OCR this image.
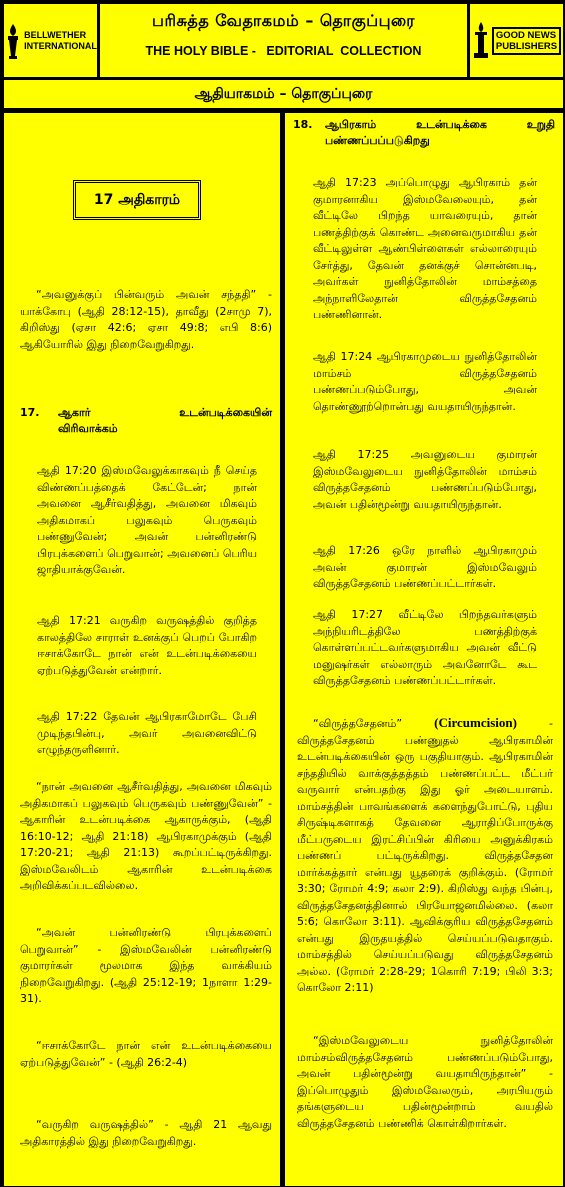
BELLWETHER
INTERNATIONAL
பரிசுத்த வேதாகமம் – தொகுப்புரை
THE HOLY BIBLE -   EDITORIAL  COLLECTION
GOOD NEWS
PUBLISHERS
ஆதியாகமம் – தொகுப்புரை
17 அதிகாரம்

“அவனுக்குப் பின்வரும் அவன் சந்ததி” - யாக்கோபு (ஆதி 28:12-15), தாவீது (2சாமு 7), கிறிஸ்து (ஏசா 42:6; ஏசா 49:8; எபி 8:6) ஆகியோரில் இது நிறைவேறுகிறது.

17.	ஆகார் உடன்படிக்கையின்
விரிவாக்கம்

ஆதி 17:20 இஸ்மவேலுக்காகவும் நீ செய்த விண்ணப்பத்தைக் கேட்டேன்; நான் அவனை ஆசீர்வதித்து, அவனை மிகவும் அதிகமாகப் பலுகவும் பெருகவும் பண்ணுவேன்; அவன் பன்னிரண்டு பிரபுக்களைப் பெறுவான்; அவனைப் பெரிய ஜாதியாக்குவேன்.

ஆதி 17:21 வருகிற வருஷத்தில் குறித்த காலத்திலே சாராள் உனக்குப் பெறப் போகிற ஈசாக்கோடே நான் என் உடன்படிக்கையை ஏற்படுத்துவேன் என்றார்.

ஆதி 17:22 தேவன் ஆபிரகாமோடே பேசி முடிந்தபின்பு, அவர் அவனைவிட்டு எழுந்தருளினார்.

“நான் அவனை ஆசீர்வதித்து, அவனை மிகவும் அதிகமாகப் பலுகவும் பெருகவும் பண்ணுவேன்” - ஆகாரின் உடன்படிக்கை ஆகாருக்கும், (ஆதி 16:10-12; ஆதி 21:18) ஆபிரகாமுக்கும் (ஆதி 17:20-21; ஆதி 21:13) கூறப்பட்டிருக்கிறது. இஸ்மவேலிடம் ஆகாரின் உடன்படிக்கை அறிவிக்கப்படவில்லை.

“அவன் பன்னிரண்டு பிரபுக்களைப் பெறுவான்” - இஸ்மவேலின் பன்னிரண்டு குமாரர்கள் மூலமாக இந்த வாக்கியம் நிறைவேறுகிறது. (ஆதி 25:12-19; 1நாளா 1:29-31).

“ஈசாக்கோடே நான் என் உடன்படிக்கையை ஏற்படுத்துவேன்” - (ஆதி 26:2-4)

“வருகிற வருஷத்தில்” - ஆதி 21 ஆவது அதிகாரத்தில் இது நிறைவேறுகிறது.

18.	ஆபிரகாம் உடன்படிக்கை உறுதி
பண்ணப்பப்படுகிறது

ஆதி 17:23 அப்பொழுது ஆபிரகாம் தன் குமாரனாகிய இஸ்மவேலையும், தன் வீட்டிலே பிறந்த யாவரையும், தான் பணத்திற்குக் கொண்ட அனைவருமாகிய தன் வீட்டிலுள்ள ஆண்பிள்ளைகள் எல்லாரையும் சேர்த்து, தேவன் தனக்குச் சொன்னபடி, அவர்கள் நுனித்தோலின் மாம்சத்தை அந்நாளிலேதான் விருத்தசேதனம் பண்ணினான்.

ஆதி 17:24 ஆபிரகாமுடைய நுனித்தோலின் மாம்சம் விருத்தசேதனம் பண்ணப்படும்போது, அவன் தொண்ணூற்றொன்பது வயதாயிருந்தான்.

ஆதி 17:25 அவனுடைய குமாரன் இஸ்மவேலுடைய நுனித்தோலின் மாம்சம் விருத்தசேதனம் பண்ணப்படும்போது, அவன் பதின்மூன்று வயதாயிருந்தான்.

ஆதி 17:26 ஒரே நாளில் ஆபிரகாமும் அவன் குமாரன் இஸ்மவேலும் விருத்தசேதனம் பண்ணப்பட்டார்கள்.

ஆதி 17:27 வீட்டிலே பிறந்தவர்களும் அந்நியரிடத்திலே பணத்திற்குக் கொள்ளப்பட்டவர்களுமாகிய அவன் வீட்டு மனுஷர்கள் எல்லாரும் அவனோடே கூட விருத்தசேதனம் பண்ணப்பட்டார்கள்.

“விருத்தசேதனம்” (Circumcision)	- விருத்தசேதனம் பண்ணுதல் ஆபிரகாமின் உடன்படிக்கையின் ஒரு பகுதியாகும். ஆபிரகாமின் சந்ததியில் வாக்குத்தத்தம் பண்ணப்பட்ட மீட்பர் வருவார் என்பதற்கு இது ஓர் அடையாளம். மாம்சத்தின் பாவங்களைக் களைந்துபோட்டு, புதிய சிருஷ்டிகளாகத் தேவனை ஆராதிப்போருக்கு மீட்பருடைய இரட்சிப்பின் கிரியை அனுக்கிரகம் பண்ணப் பட்டிருக்கிறது. விருத்தசேதன மார்க்கத்தார் என்பது யூதரைக் குறிக்கும். (ரோமர் 3:30; ரோமர் 4:9; கலா 2:9). கிறிஸ்து வந்த பின்பு, விருத்தசேதனத்தினால் பிரயோஜனமில்லை. (கலா 5:6; கொலோ 3:11). ஆவிக்குரிய விருத்தசேதனம் என்பது இருதயத்தில் செய்யப்படுவதாகும். மாம்சத்தில் செய்யப்படுவது விருத்தசேதனம் அல்ல. (ரோமர் 2:28-29; 1கொரி 7:19; பிலி 3:3; கொலோ 2:11)

“இஸ்மவேலுடைய நுனித்தோலின் மாம்சம்விருத்தசேதனம் பண்ணப்படும்போது, அவன் பதின்மூன்று வயதாயிருந்தான்” - இப்பொழுதும் இஸ்மவேலரும், அரபியரும் தங்களுடைய பதின்மூன்றாம் வயதில் விருத்தசேதனம் பண்ணிக் கொள்கிறார்கள்.
